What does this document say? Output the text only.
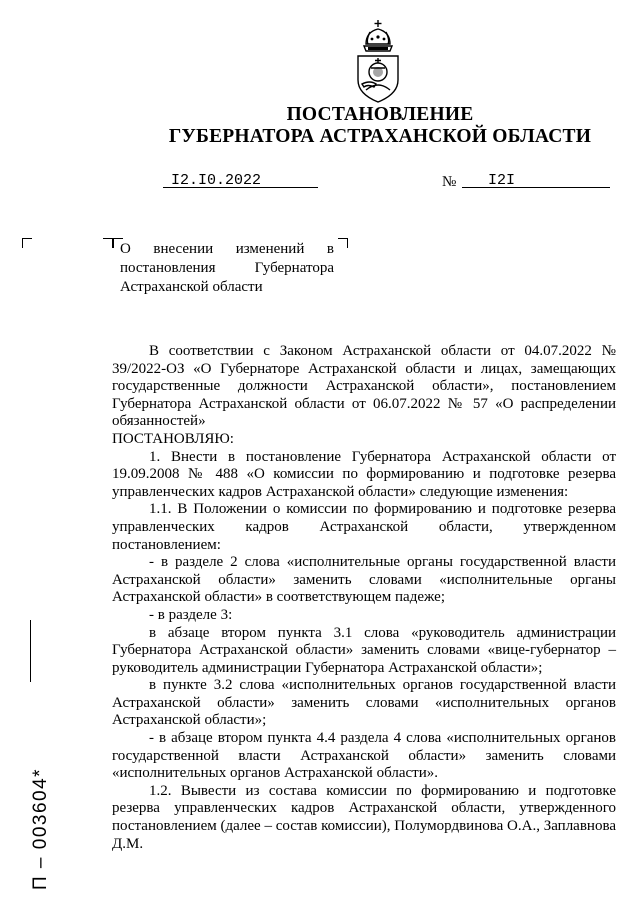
ПОСТАНОВЛЕНИЕ
ГУБЕРНАТОРА АСТРАХАНСКОЙ ОБЛАСТИ
I2.I0.2022	№ I2I
О внесении изменений в постановления Губернатора Астраханской области

В соответствии с Законом Астраханской области от 04.07.2022 № 39/2022-ОЗ «О Губернаторе Астраханской области и лицах, замещающих государственные должности Астраханской области», постановлением Губернатора Астраханской области от 06.07.2022 № 57 «О распределении обязанностей»

ПОСТАНОВЛЯЮ:

1. Внести в постановление Губернатора Астраханской области от 19.09.2008 № 488 «О комиссии по формированию и подготовке резерва управленческих кадров Астраханской области» следующие изменения:

1.1. В Положении о комиссии по формированию и подготовке резерва управленческих кадров Астраханской области, утвержденном постановлением:

- в разделе 2 слова «исполнительные органы государственной власти Астраханской области» заменить словами «исполнительные органы Астраханской области» в соответствующем падеже;

- в разделе 3:

в абзаце втором пункта 3.1 слова «руководитель администрации Губернатора Астраханской области» заменить словами «вице-губернатор – руководитель администрации Губернатора Астраханской области»;

в пункте 3.2 слова «исполнительных органов государственной власти Астраханской области» заменить словами «исполнительных органов Астраханской области»;

- в абзаце втором пункта 4.4 раздела 4 слова «исполнительных органов государственной власти Астраханской области» заменить словами «исполнительных органов Астраханской области».

1.2. Вывести из состава комиссии по формированию и подготовке резерва управленческих кадров Астраханской области, утвержденного постановлением (далее – состав комиссии), Полумордвинова О.А., Заплавнова Д.М.

П – 003604*
